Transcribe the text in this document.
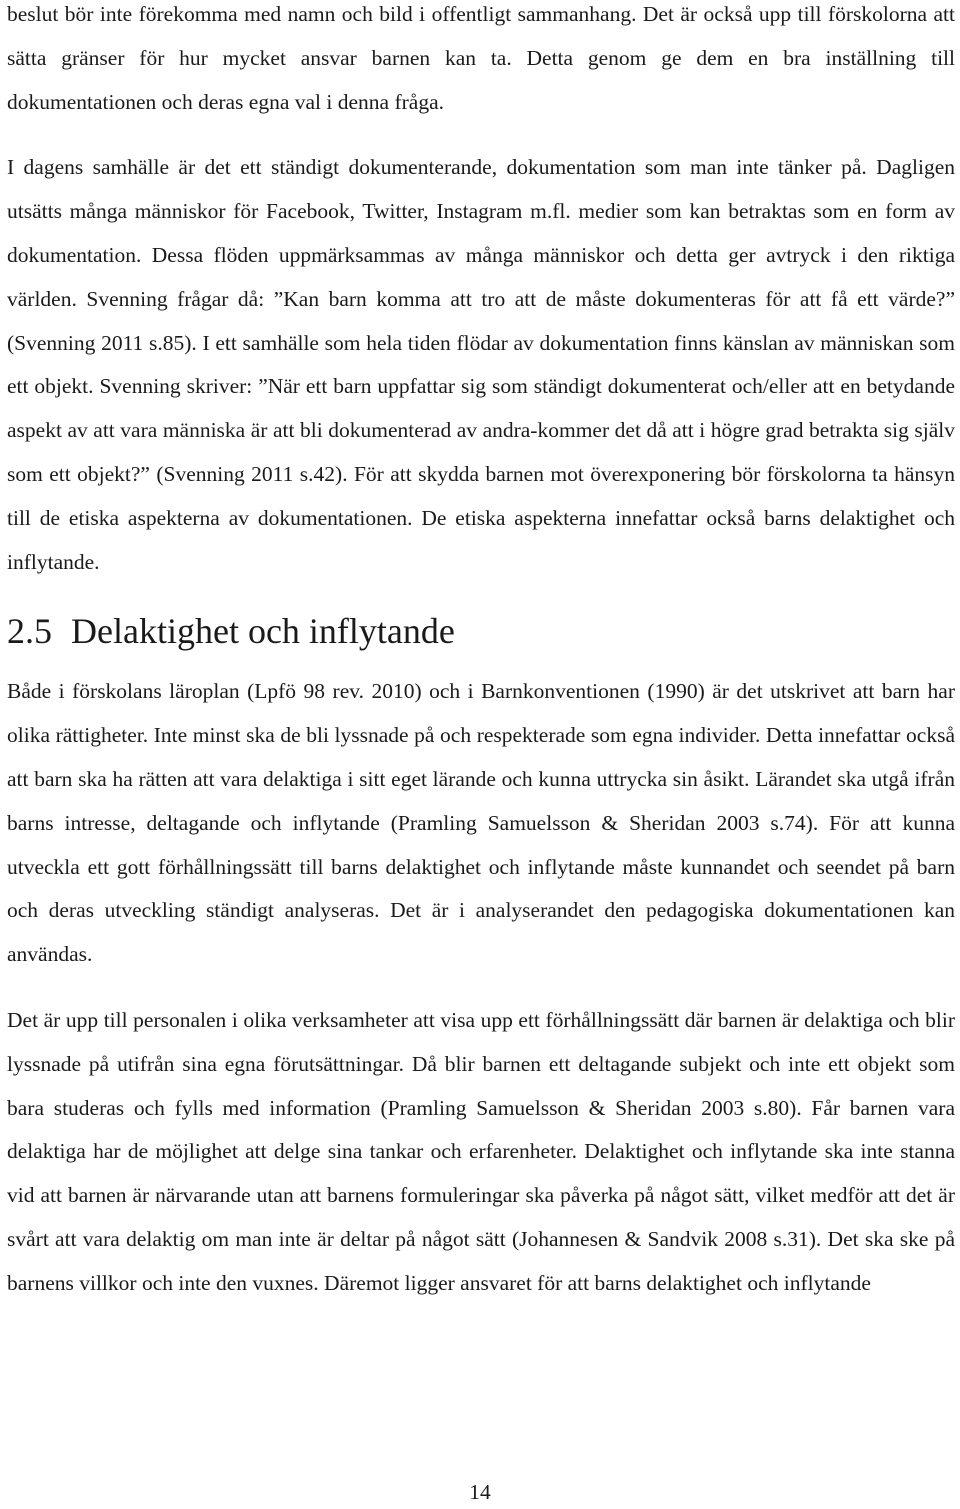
beslut bör inte förekomma med namn och bild i offentligt sammanhang. Det är också upp till förskolorna att sätta gränser för hur mycket ansvar barnen kan ta. Detta genom ge dem en bra inställning till dokumentationen och deras egna val i denna fråga.

I dagens samhälle är det ett ständigt dokumenterande, dokumentation som man inte tänker på. Dagligen utsätts många människor för Facebook, Twitter, Instagram m.fl. medier som kan betraktas som en form av dokumentation. Dessa flöden uppmärksammas av många människor och detta ger avtryck i den riktiga världen. Svenning frågar då: ”Kan barn komma att tro att de måste dokumenteras för att få ett värde?” (Svenning 2011 s.85). I ett samhälle som hela tiden flödar av dokumentation finns känslan av människan som ett objekt. Svenning skriver: ”När ett barn uppfattar sig som ständigt dokumenterat och/eller att en betydande aspekt av att vara människa är att bli dokumenterad av andra-kommer det då att i högre grad betrakta sig själv som ett objekt?” (Svenning 2011 s.42). För att skydda barnen mot överexponering bör förskolorna ta hänsyn till de etiska aspekterna av dokumentationen. De etiska aspekterna innefattar också barns delaktighet och inflytande.

2.5 Delaktighet och inflytande

Både i förskolans läroplan (Lpfö 98 rev. 2010) och i Barnkonventionen (1990) är det utskrivet att barn har olika rättigheter. Inte minst ska de bli lyssnade på och respekterade som egna individer. Detta innefattar också att barn ska ha rätten att vara delaktiga i sitt eget lärande och kunna uttrycka sin åsikt. Lärandet ska utgå ifrån barns intresse, deltagande och inflytande (Pramling Samuelsson & Sheridan 2003 s.74). För att kunna utveckla ett gott förhållningssätt till barns delaktighet och inflytande måste kunnandet och seendet på barn och deras utveckling ständigt analyseras. Det är i analyserandet den pedagogiska dokumentationen kan användas.

Det är upp till personalen i olika verksamheter att visa upp ett förhållningssätt där barnen är delaktiga och blir lyssnade på utifrån sina egna förutsättningar. Då blir barnen ett deltagande subjekt och inte ett objekt som bara studeras och fylls med information (Pramling Samuelsson & Sheridan 2003 s.80). Får barnen vara delaktiga har de möjlighet att delge sina tankar och erfarenheter. Delaktighet och inflytande ska inte stanna vid att barnen är närvarande utan att barnens formuleringar ska påverka på något sätt, vilket medför att det är svårt att vara delaktig om man inte är deltar på något sätt (Johannesen & Sandvik 2008 s.31). Det ska ske på barnens villkor och inte den vuxnes. Däremot ligger ansvaret för att barns delaktighet och inflytande

14
